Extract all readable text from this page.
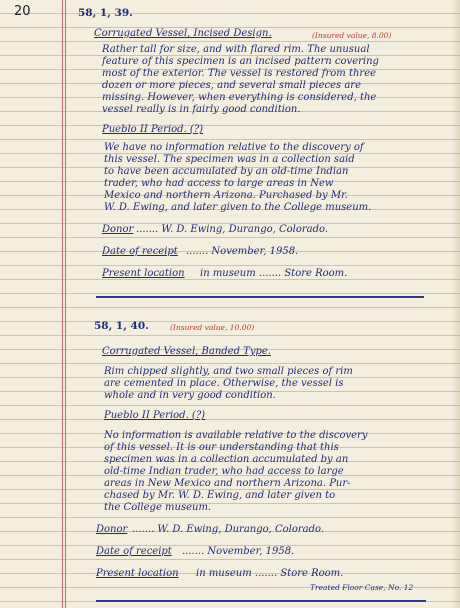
20	58, 1, 39.
Corrugated Vessel, Incised Design.	(Insured value, 8.00)
Rather tall for size, and with flared rim. The unusual
feature of this specimen is an incised pattern covering
most of the exterior. The vessel is restored from three
dozen or more pieces, and several small pieces are
missing. However, when everything is considered, the
vessel really is in fairly good condition.
Pueblo II Period. (?)
We have no information relative to the discovery of
this vessel. The specimen was in a collection said
to have been accumulated by an old-time Indian
trader, who had access to large areas in New
Mexico and northern Arizona. Purchased by Mr.
W. D. Ewing, and later given to the College museum.
Donor ....... W. D. Ewing, Durango, Colorado.
Date of receipt ....... November, 1958.
Present location in museum ....... Store Room.
58, 1, 40.	(Insured value, 10.00)
Corrugated Vessel, Banded Type.
Rim chipped slightly, and two small pieces of rim
are cemented in place. Otherwise, the vessel is
whole and in very good condition.
Pueblo II Period. (?)
No information is available relative to the discovery
of this vessel. It is our understanding that this
specimen was in a collection accumulated by an
old-time Indian trader, who had access to large
areas in New Mexico and northern Arizona. Pur-
chased by Mr. W. D. Ewing, and later given to
the College museum.
Donor ....... W. D. Ewing, Durango, Colorado.
Date of receipt ....... November, 1958.
Present location in museum ....... Store Room.
Treated Floor Case, No. 12
